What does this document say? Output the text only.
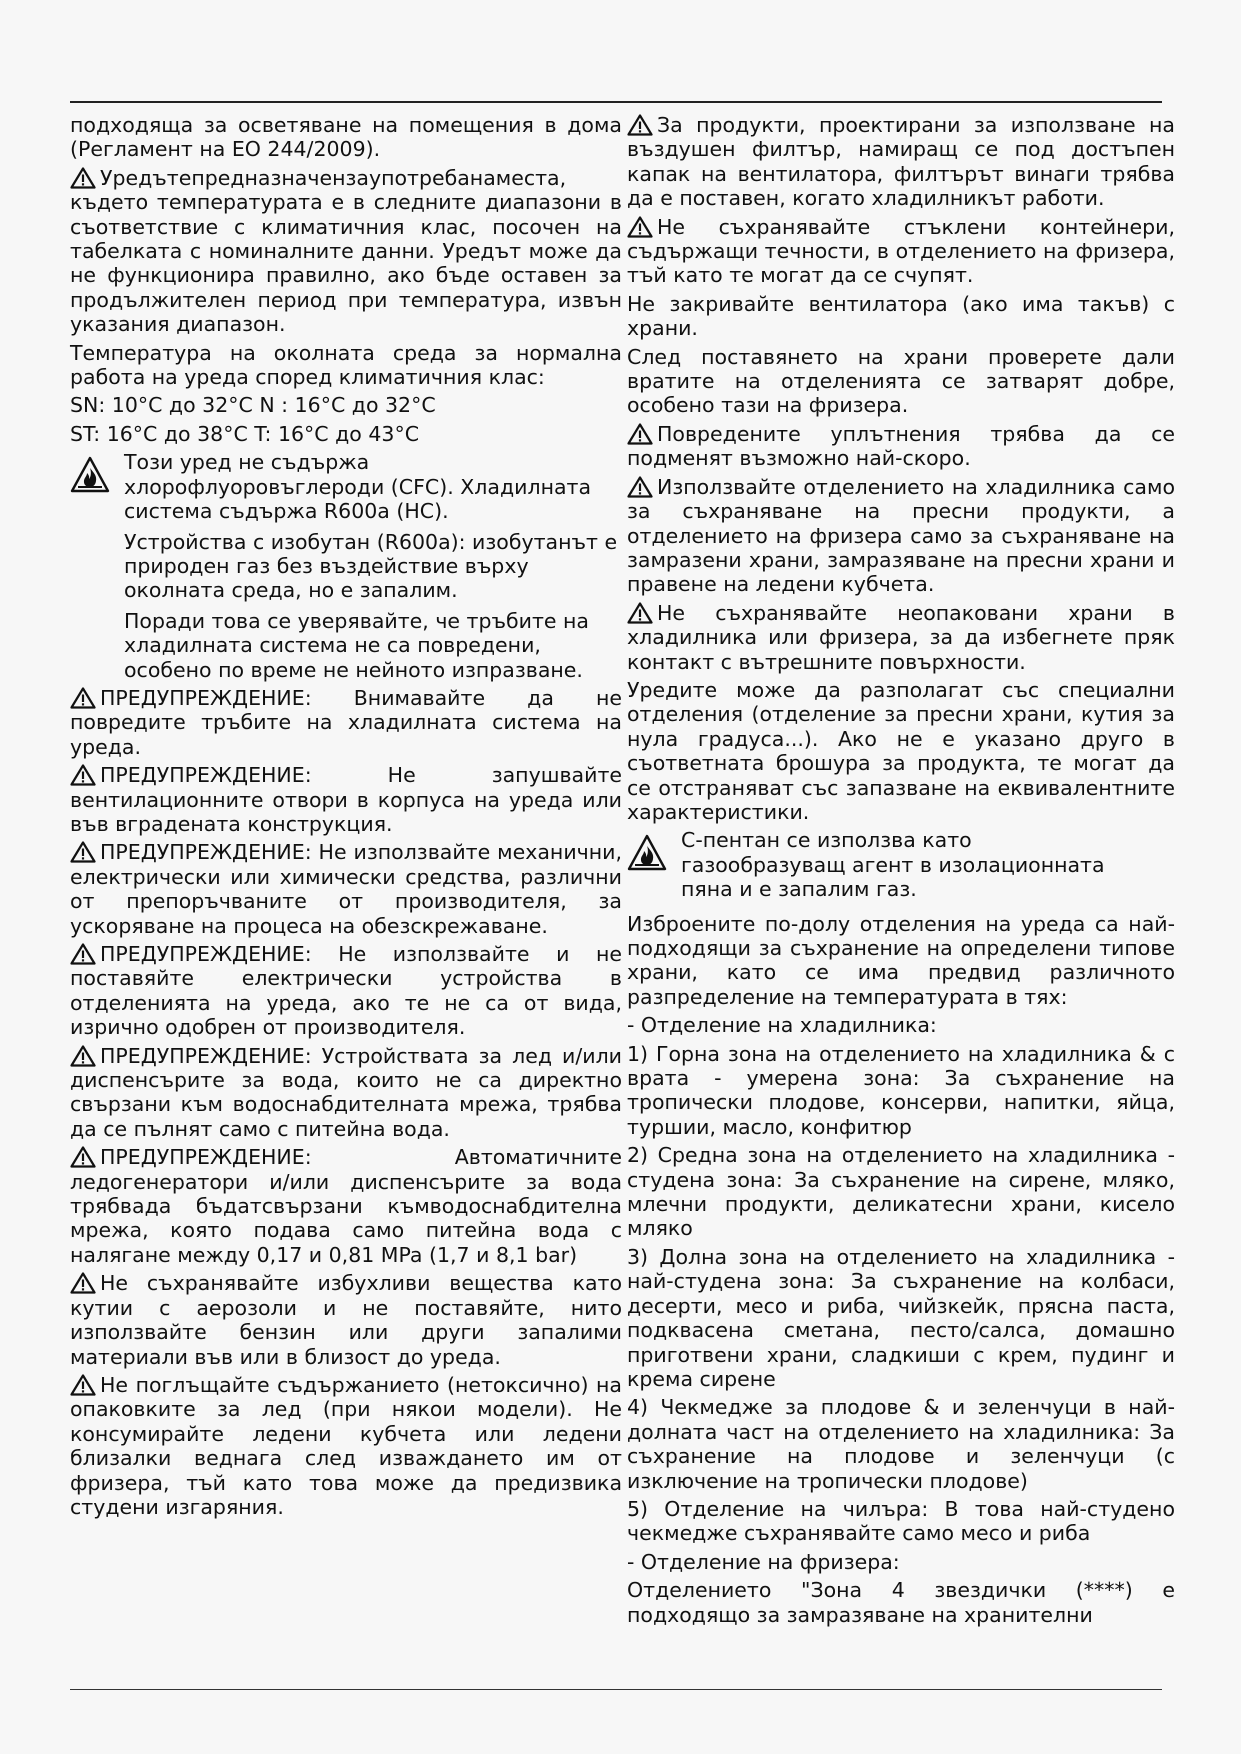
подходяща за осветяване на помещения в дома (Регламент на ЕО 244/2009).

Уредътепредназначензаупотребанаместа, където температурата е в следните диапазони в съответствие с климатичния клас, посочен на табелката с номиналните данни. Уредът може да не функционира правилно, ако бъде оставен за продължителен период при температура, извън указания диапазон.

Температура на околната среда за нормална работа на уреда според климатичния клас:

SN: 10°C до 32°C N : 16°C до 32°C

ST: 16°C до 38°C T: 16°C до 43°C

Този уред не съдържа хлорофлуоровъглероди (CFC). Хладилната система съдържа R600a (HC).
Устройства с изобутан (R600a): изобутанът е природен газ без въздействие върху околната среда, но е запалим.
Поради това се уверявайте, че тръбите на хладилната система не са повредени, особено по време не нейното изпразване.

ПРЕДУПРЕЖДЕНИЕ: Внимавайте да не повредите тръбите на хладилната система на уреда.

ПРЕДУПРЕЖДЕНИЕ: Не запушвайте вентилационните отвори в корпуса на уреда или във вградената конструкция.

ПРЕДУПРЕЖДЕНИЕ: Не използвайте механични, електрически или химически средства, различни от препоръчваните от производителя, за ускоряване на процеса на обезскрежаване.

ПРЕДУПРЕЖДЕНИЕ: Не използвайте и не поставяйте електрически устройства в отделенията на уреда, ако те не са от вида, изрично одобрен от производителя.

ПРЕДУПРЕЖДЕНИЕ: Устройствата за лед и/или диспенсърите за вода, които не са директно свързани към водоснабдителната мрежа, трябва да се пълнят само с питейна вода.

ПРЕДУПРЕЖДЕНИЕ: Автоматичните ледогенератори и/или диспенсърите за вода трябвада бъдатсвързани къмводоснабдителна мрежа, която подава само питейна вода с налягане между 0,17 и 0,81 MPa (1,7 и 8,1 bar)

Не съхранявайте избухливи вещества като кутии с аерозоли и не поставяйте, нито използвайте бензин или други запалими материали във или в близост до уреда.

Не поглъщайте съдържанието (нетоксично) на опаковките за лед (при някои модели). Не консумирайте ледени кубчета или ледени близалки веднага след изваждането им от фризера, тъй като това може да предизвика студени изгаряния.

За продукти, проектирани за използване на въздушен филтър, намиращ се под достъпен капак на вентилатора, филтърът винаги трябва да е поставен, когато хладилникът работи.

Не съхранявайте стъклени контейнери, съдържащи течности, в отделението на фризера, тъй като те могат да се счупят.

Не закривайте вентилатора (ако има такъв) с храни.

След поставянето на храни проверете дали вратите на отделенията се затварят добре, особено тази на фризера.

Повредените уплътнения трябва да се подменят възможно най-скоро.

Използвайте отделението на хладилника само за съхраняване на пресни продукти, а отделението на фризера само за съхраняване на замразени храни, замразяване на пресни храни и правене на ледени кубчета.

Не съхранявайте неопаковани храни в хладилника или фризера, за да избегнете пряк контакт с вътрешните повърхности.

Уредите може да разполагат със специални отделения (отделение за пресни храни, кутия за нула градуса...). Ако не е указано друго в съответната брошура за продукта, те могат да се отстраняват със запазване на еквивалентните характеристики.

C-пентан се използва като газообразуващ агент в изолационната пяна и е запалим газ.

Изброените по-долу отделения на уреда са най-подходящи за съхранение на определени типове храни, като се има предвид различното разпределение на температурата в тях:

- Отделение на хладилника:

1) Горна зона на отделението на хладилника & с врата - умерена зона: За съхранение на тропически плодове, консерви, напитки, яйца, туршии, масло, конфитюр

2) Средна зона на отделението на хладилника - студена зона: За съхранение на сирене, мляко, млечни продукти, деликатесни храни, кисело мляко

3) Долна зона на отделението на хладилника - най-студена зона: За съхранение на колбаси, десерти, месо и риба, чийзкейк, прясна паста, подквасена сметана, песто/салса, домашно приготвени храни, сладкиши с крем, пудинг и крема сирене

4) Чекмедже за плодове & и зеленчуци в най-долната част на отделението на хладилника: За съхранение на плодове и зеленчуци (с изключение на тропически плодове)

5) Отделение на чилъра: В това най-студено чекмедже съхранявайте само месо и риба

- Отделение на фризера:

Отделението "Зона 4 звездички (****) е подходящо за замразяване на хранителни
